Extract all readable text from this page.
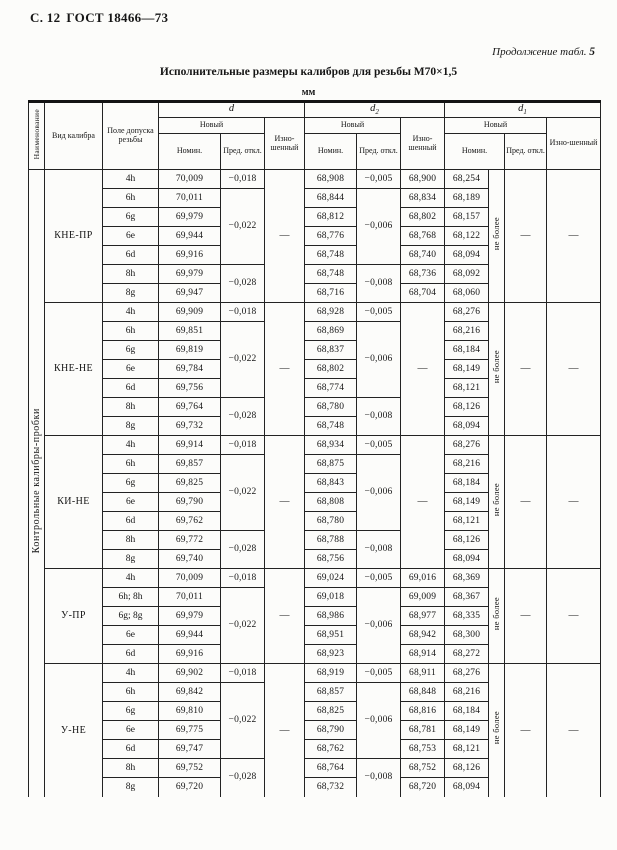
С. 12 ГОСТ 18466—73
Продолжение табл. 5
Исполнительные размеры калибров для резьбы М70×1,5
мм
Наименование	Вид калибра	Поле допуска резьбы	d			$d_2$			$d_1$
			Новый		Изно-шенный	Новый		Изно-шенный	Новый			Изно-шенный
			Номин.	Пред. откл.		Номин.	Пред. откл.		Номин.		Пред. откл.	
Контрольные калибры-пробки	КНЕ-ПР	4h	70,009	−0,018	—	68,908	−0,005	68,900	68,254	не более	—	—
		6h	70,011	−0,022		68,844	−0,006	68,834	68,189			
		6g	69,979			68,812		68,802	68,157			
		6e	69,944			68,776		68,768	68,122			
		6d	69,916			68,748		68,740	68,094			
		8h	69,979	−0,028		68,748	−0,008	68,736	68,092			
		8g	69,947			68,716		68,704	68,060			
	КНЕ-НЕ	4h	69,909	−0,018	—	68,928	−0,005	—	68,276	не более	—	—
		6h	69,851	−0,022		68,869	−0,006		68,216			
		6g	69,819			68,837			68,184			
		6e	69,784			68,802			68,149			
		6d	69,756			68,774			68,121			
		8h	69,764	−0,028		68,780	−0,008		68,126			
		8g	69,732			68,748			68,094			
	КИ-НЕ	4h	69,914	−0,018	—	68,934	−0,005	—	68,276	не более	—	—
		6h	69,857	−0,022		68,875	−0,006		68,216			
		6g	69,825			68,843			68,184			
		6e	69,790			68,808			68,149			
		6d	69,762			68,780			68,121			
		8h	69,772	−0,028		68,788	−0,008		68,126			
		8g	69,740			68,756			68,094			
	У-ПР	4h	70,009	−0,018	—	69,024	−0,005	69,016	68,369	не более	—	—
		6h; 8h	70,011	−0,022		69,018	−0,006	69,009	68,367			
		6g; 8g	69,979			68,986		68,977	68,335			
		6e	69,944			68,951		68,942	68,300			
		6d	69,916			68,923		68,914	68,272			
	У-НЕ	4h	69,902	−0,018	—	68,919	−0,005	68,911	68,276	не более	—	—
		6h	69,842	−0,022		68,857	−0,006	68,848	68,216			
		6g	69,810			68,825		68,816	68,184			
		6e	69,775			68,790		68,781	68,149			
		6d	69,747			68,762		68,753	68,121			
		8h	69,752	−0,028		68,764	−0,008	68,752	68,126			
		8g	69,720			68,732		68,720	68,094			
